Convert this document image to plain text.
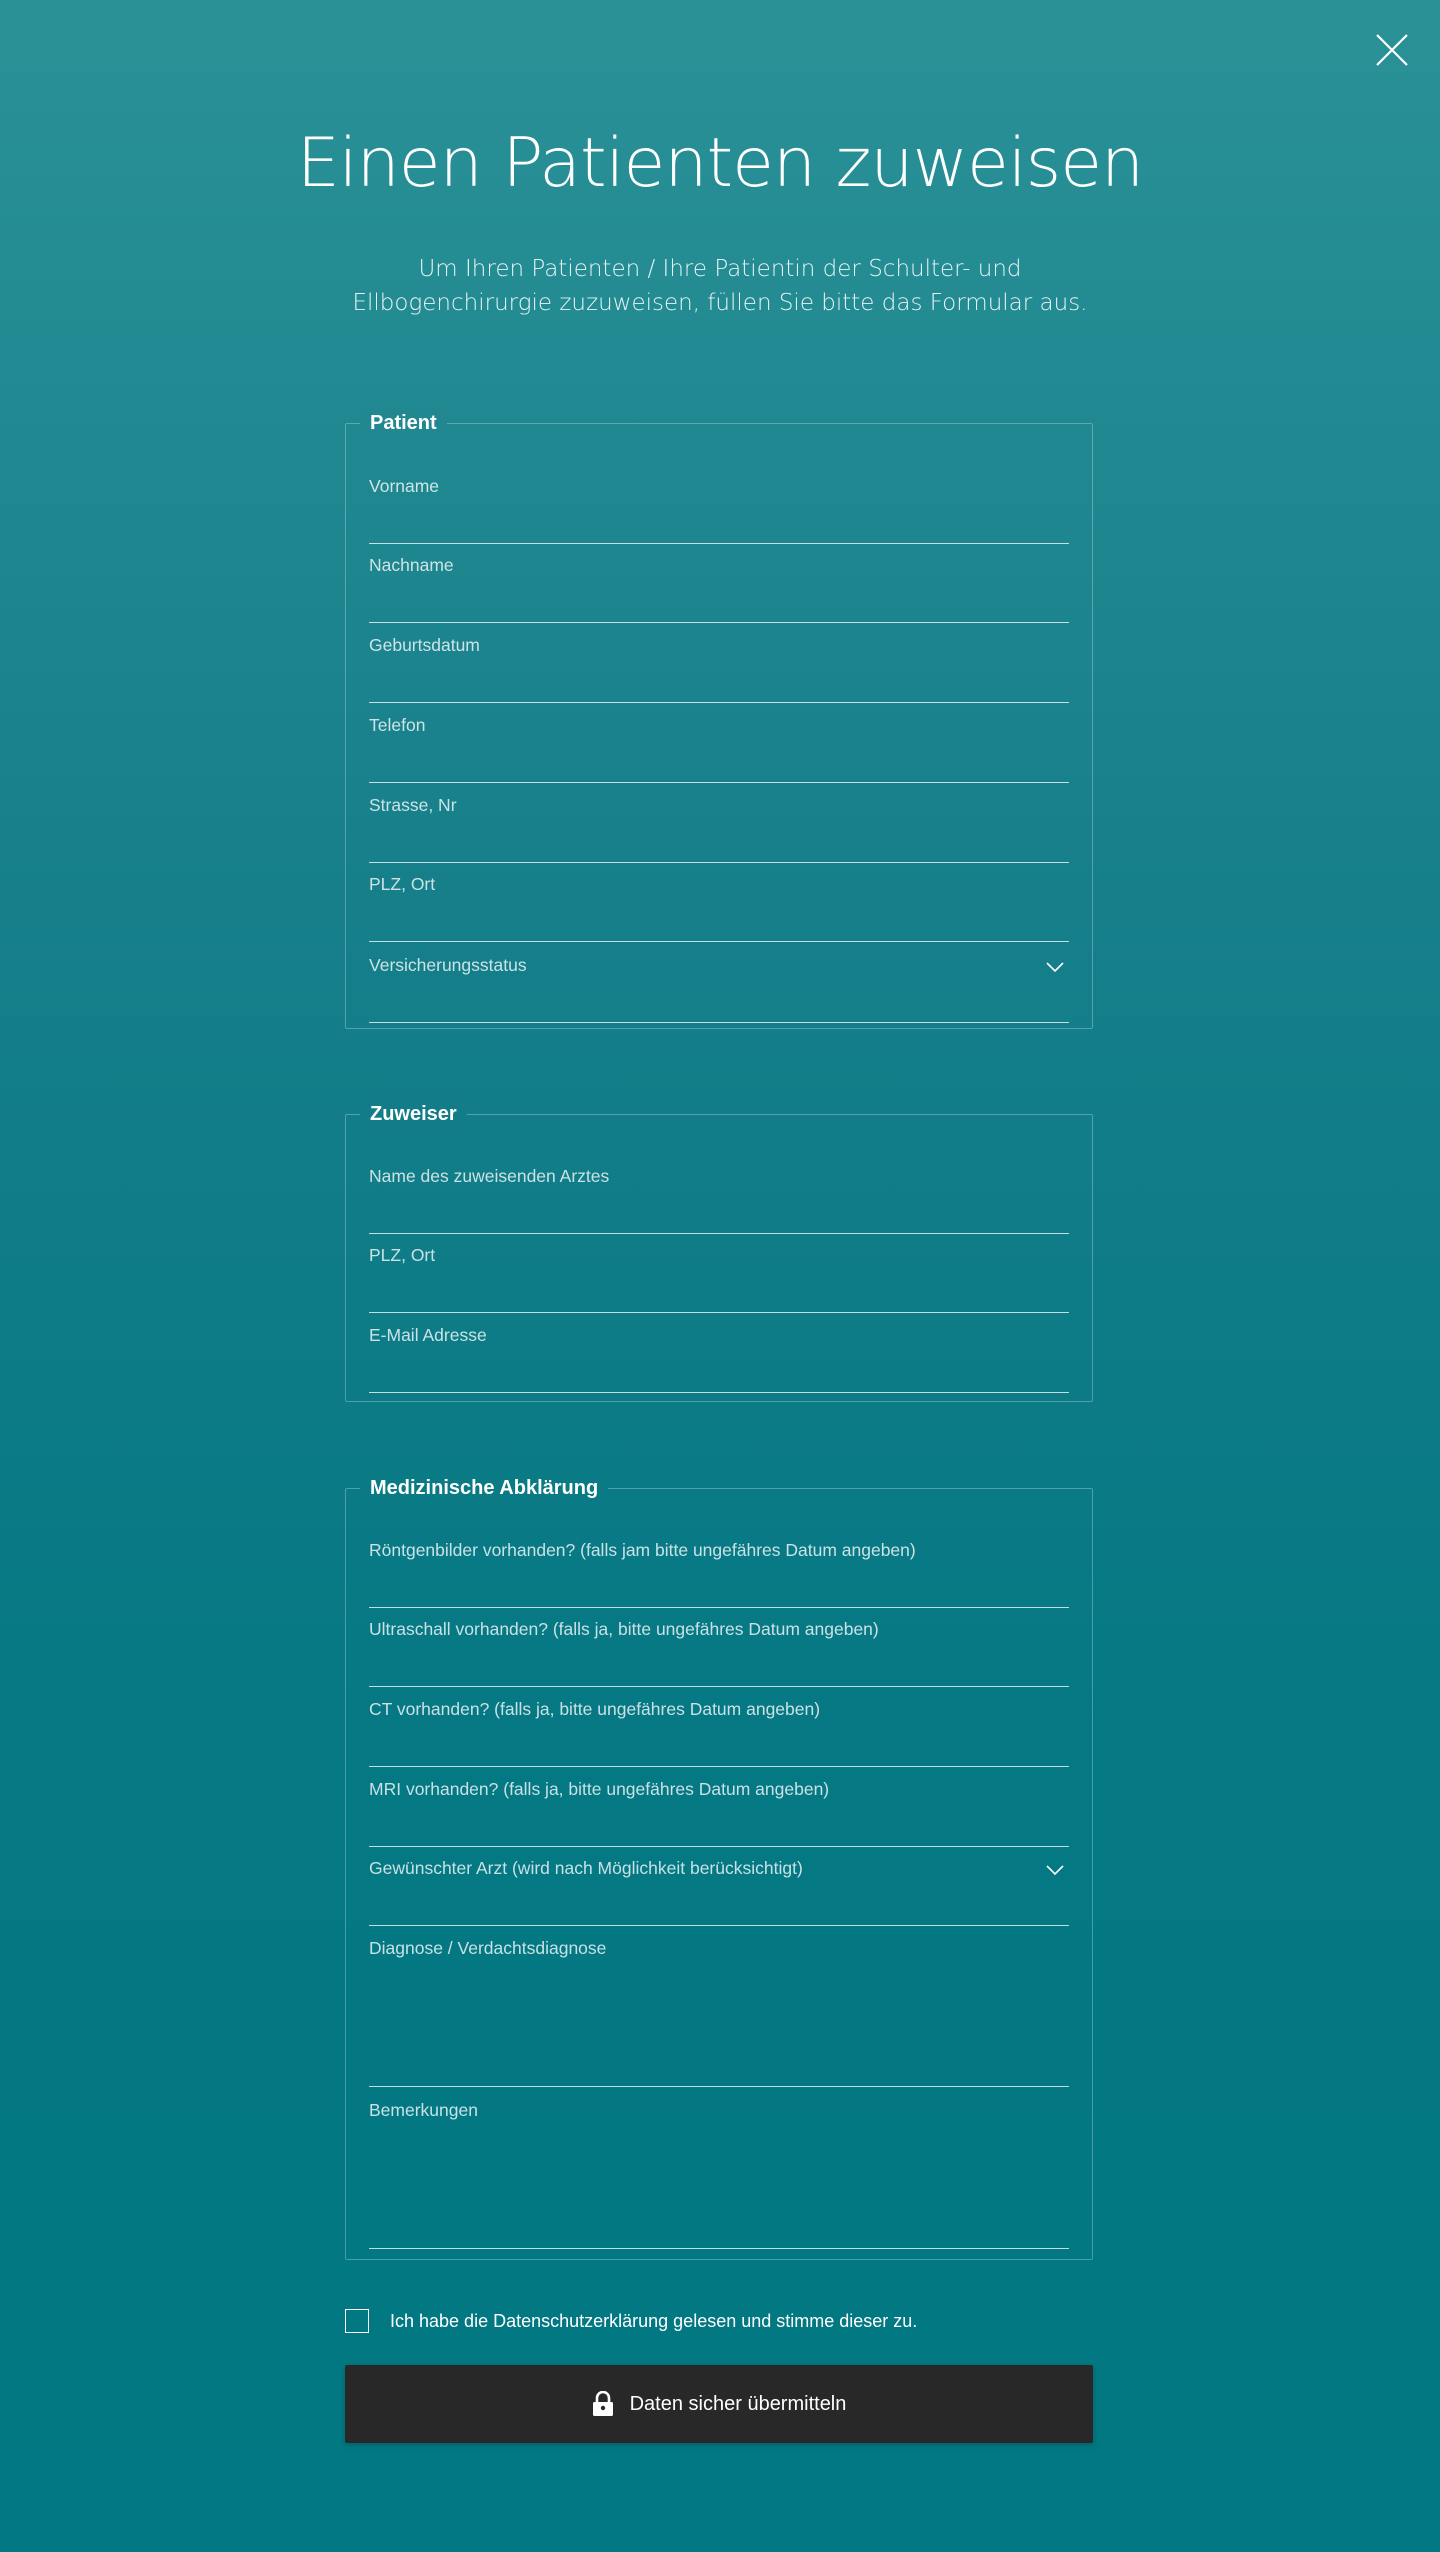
Einen Patienten zuweisen

Um Ihren Patienten / Ihre Patientin der Schulter- und Ellbogenchirurgie zuzuweisen, füllen Sie bitte das Formular aus.

Patient
Vorname
Nachname
Geburtsdatum
Telefon
Strasse, Nr
PLZ, Ort
Versicherungsstatus
Zuweiser
Name des zuweisenden Arztes
PLZ, Ort
E-Mail Adresse
Medizinische Abklärung
Röntgenbilder vorhanden? (falls jam bitte ungefähres Datum angeben)
Ultraschall vorhanden? (falls ja, bitte ungefähres Datum angeben)
CT vorhanden? (falls ja, bitte ungefähres Datum angeben)
MRI vorhanden? (falls ja, bitte ungefähres Datum angeben)
Gewünschter Arzt (wird nach Möglichkeit berücksichtigt)
Diagnose / Verdachtsdiagnose
Bemerkungen
Ich habe die Datenschutzerklärung gelesen und stimme dieser zu.
Daten sicher übermitteln
